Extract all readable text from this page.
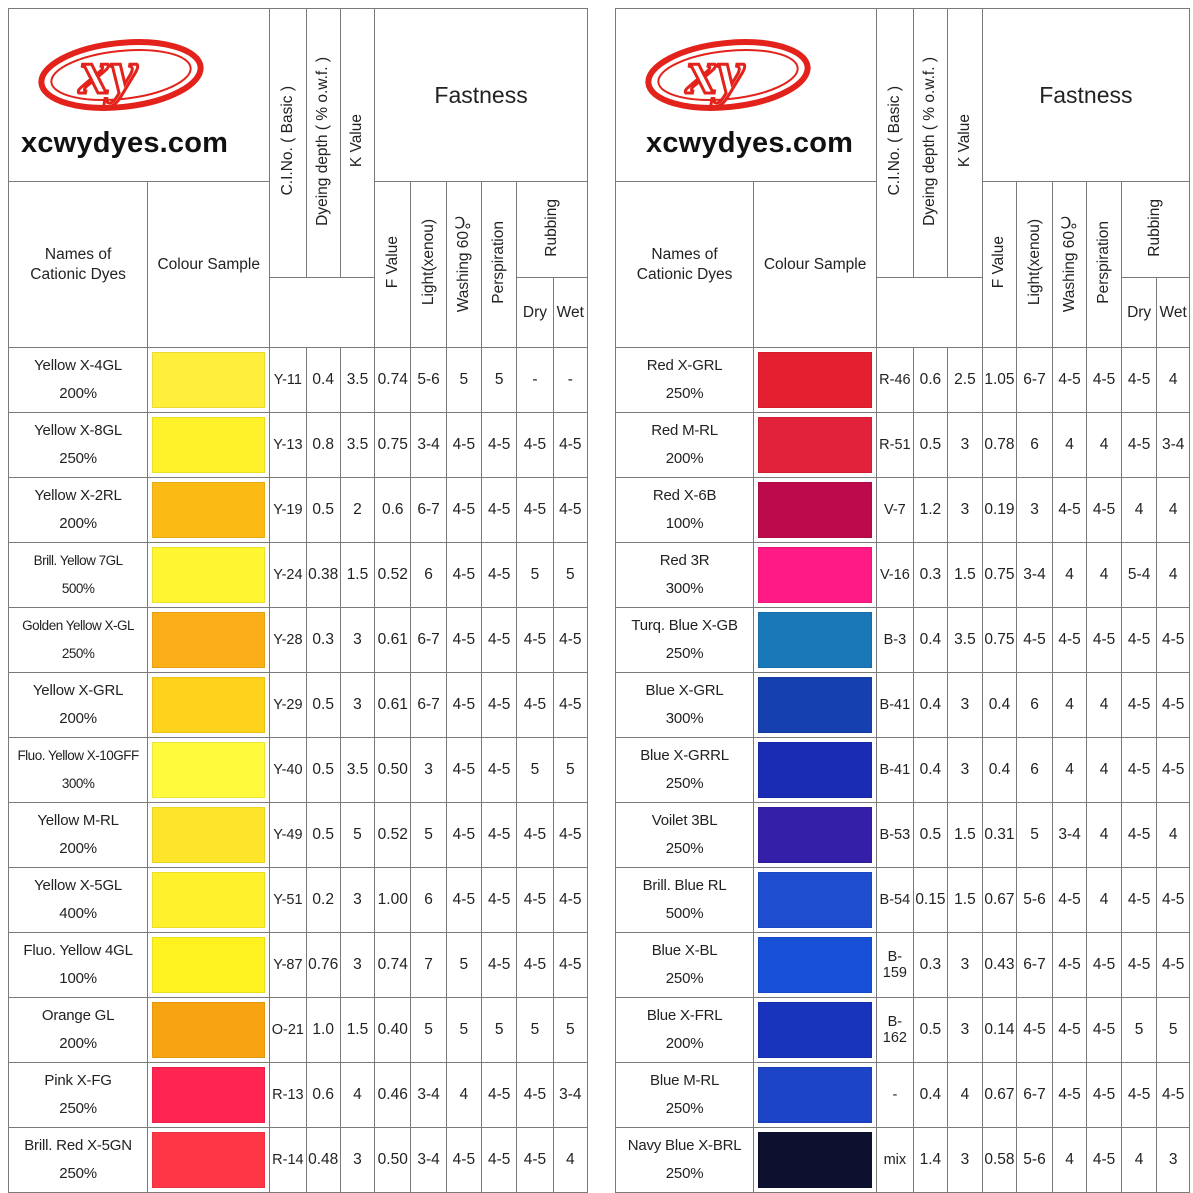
xy
xcwydyes.com		C.I.No. ( Basic )	Dyeing depth ( % o.w.f. )	K Value	Fastness					
Names of
Cationic Dyes	Colour Sample				F Value	Light(xenou)	Washing 60℃	Perspiration	Rubbing	
									Dry	Wet

Yellow X-4GL
200%		Y-11	0.4	3.5	0.74	5-6	5	5	-	-

Yellow X-8GL
250%		Y-13	0.8	3.5	0.75	3-4	4-5	4-5	4-5	4-5

Yellow X-2RL
200%		Y-19	0.5	2	0.6	6-7	4-5	4-5	4-5	4-5

Brill. Yellow 7GL
500%		Y-24	0.38	1.5	0.52	6	4-5	4-5	5	5

Golden Yellow X-GL
250%		Y-28	0.3	3	0.61	6-7	4-5	4-5	4-5	4-5

Yellow X-GRL
200%		Y-29	0.5	3	0.61	6-7	4-5	4-5	4-5	4-5

Fluo. Yellow X-10GFF
300%		Y-40	0.5	3.5	0.50	3	4-5	4-5	5	5

Yellow M-RL
200%		Y-49	0.5	5	0.52	5	4-5	4-5	4-5	4-5

Yellow X-5GL
400%		Y-51	0.2	3	1.00	6	4-5	4-5	4-5	4-5

Fluo. Yellow 4GL
100%		Y-87	0.76	3	0.74	7	5	4-5	4-5	4-5

Orange GL
200%		O-21	1.0	1.5	0.40	5	5	5	5	5

Pink X-FG
250%		R-13	0.6	4	0.46	3-4	4	4-5	4-5	3-4

Brill. Red X-5GN
250%		R-14	0.48	3	0.50	3-4	4-5	4-5	4-5	4
xy
xcwydyes.com		C.I.No. ( Basic )	Dyeing depth ( % o.w.f. )	K Value	Fastness					
Names of
Cationic Dyes	Colour Sample				F Value	Light(xenou)	Washing 60℃	Perspiration	Rubbing	
									Dry	Wet

Red X-GRL
250%		R-46	0.6	2.5	1.05	6-7	4-5	4-5	4-5	4

Red M-RL
200%		R-51	0.5	3	0.78	6	4	4	4-5	3-4

Red X-6B
100%		V-7	1.2	3	0.19	3	4-5	4-5	4	4

Red 3R
300%		V-16	0.3	1.5	0.75	3-4	4	4	5-4	4

Turq. Blue X-GB
250%		B-3	0.4	3.5	0.75	4-5	4-5	4-5	4-5	4-5

Blue X-GRL
300%		B-41	0.4	3	0.4	6	4	4	4-5	4-5

Blue X-GRRL
250%		B-41	0.4	3	0.4	6	4	4	4-5	4-5

Voilet 3BL
250%		B-53	0.5	1.5	0.31	5	3-4	4	4-5	4

Brill. Blue RL
500%		B-54	0.15	1.5	0.67	5-6	4-5	4	4-5	4-5

Blue X-BL
250%		B-159	0.3	3	0.43	6-7	4-5	4-5	4-5	4-5

Blue X-FRL
200%		B-162	0.5	3	0.14	4-5	4-5	4-5	5	5

Blue M-RL
250%		-	0.4	4	0.67	6-7	4-5	4-5	4-5	4-5

Navy Blue X-BRL
250%		mix	1.4	3	0.58	5-6	4	4-5	4	3
